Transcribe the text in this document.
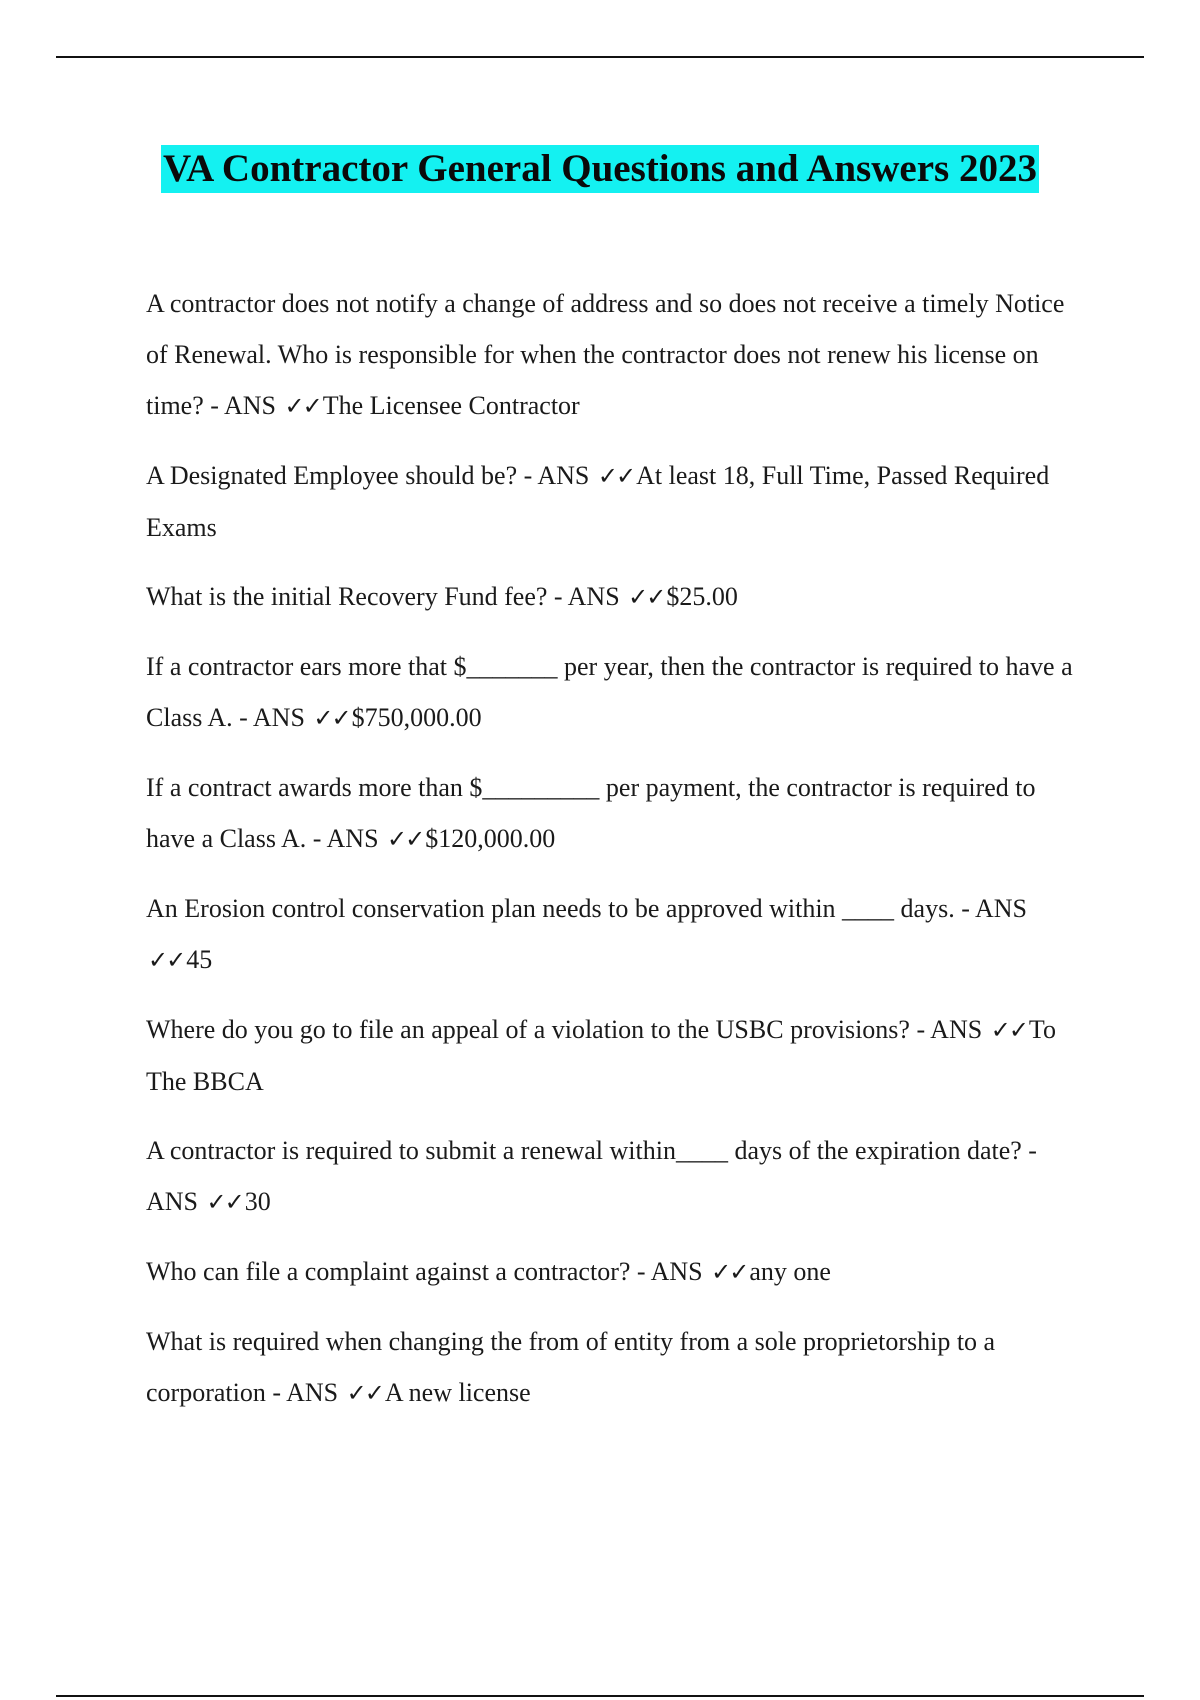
VA Contractor General Questions and Answers 2023

A contractor does not notify a change of address and so does not receive a timely Notice of Renewal. Who is responsible for when the contractor does not renew his license on time? - ANS ✓✓The Licensee Contractor

A Designated Employee should be? - ANS ✓✓At least 18, Full Time, Passed Required Exams

What is the initial Recovery Fund fee? - ANS ✓✓$25.00

If a contractor ears more that $_______ per year, then the contractor is required to have a Class A. - ANS ✓✓$750,000.00

If a contract awards more than $_________ per payment, the contractor is required to have a Class A. - ANS ✓✓$120,000.00

An Erosion control conservation plan needs to be approved within ____ days. - ANS ✓✓45

Where do you go to file an appeal of a violation to the USBC provisions? - ANS ✓✓To The BBCA

A contractor is required to submit a renewal within____ days of the expiration date? - ANS ✓✓30

Who can file a complaint against a contractor? - ANS ✓✓any one

What is required when changing the from of entity from a sole proprietorship to a corporation - ANS ✓✓A new license
